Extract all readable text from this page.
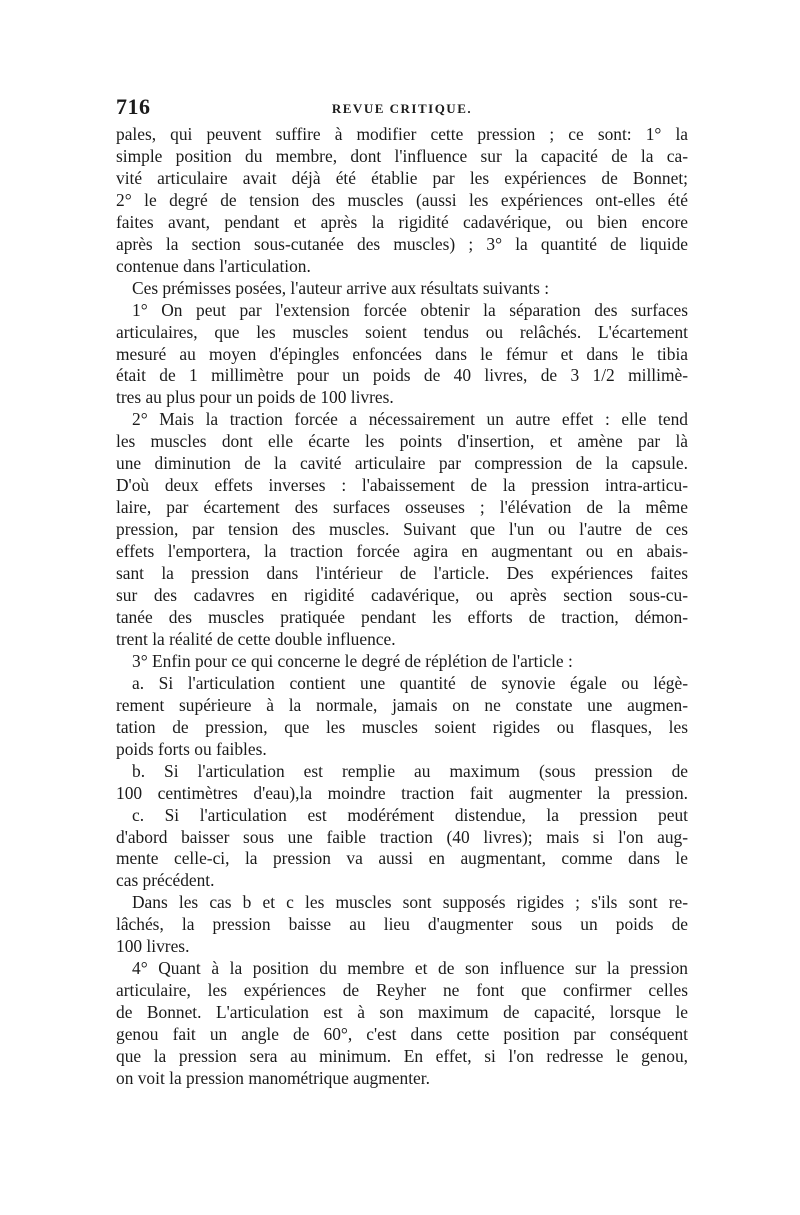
716	REVUE CRITIQUE.

pales, qui peuvent suffire à modifier cette pression ; ce sont: 1° la

simple position du membre, dont l'influence sur la capacité de la ca-

vité articulaire avait déjà été établie par les expériences de Bonnet;

2° le degré de tension des muscles (aussi les expériences ont-elles été

faites avant, pendant et après la rigidité cadavérique, ou bien encore

après la section sous-cutanée des muscles) ; 3° la quantité de liquide

contenue dans l'articulation.

Ces prémisses posées, l'auteur arrive aux résultats suivants :

1° On peut par l'extension forcée obtenir la séparation des surfaces

articulaires, que les muscles soient tendus ou relâchés. L'écartement

mesuré au moyen d'épingles enfoncées dans le fémur et dans le tibia

était de 1 millimètre pour un poids de 40 livres, de 3 1/2 millimè-

tres au plus pour un poids de 100 livres.

2° Mais la traction forcée a nécessairement un autre effet : elle tend

les muscles dont elle écarte les points d'insertion, et amène par là

une diminution de la cavité articulaire par compression de la capsule.

D'où deux effets inverses : l'abaissement de la pression intra-articu-

laire, par écartement des surfaces osseuses ; l'élévation de la même

pression, par tension des muscles. Suivant que l'un ou l'autre de ces

effets l'emportera, la traction forcée agira en augmentant ou en abais-

sant la pression dans l'intérieur de l'article. Des expériences faites

sur des cadavres en rigidité cadavérique, ou après section sous-cu-

tanée des muscles pratiquée pendant les efforts de traction, démon-

trent la réalité de cette double influence.

3° Enfin pour ce qui concerne le degré de réplétion de l'article :

a. Si l'articulation contient une quantité de synovie égale ou légè-

rement supérieure à la normale, jamais on ne constate une augmen-

tation de pression, que les muscles soient rigides ou flasques, les

poids forts ou faibles.

b. Si l'articulation est remplie au maximum (sous pression de

100 centimètres d'eau),la moindre traction fait augmenter la pression.

c. Si l'articulation est modérément distendue, la pression peut

d'abord baisser sous une faible traction (40 livres); mais si l'on aug-

mente celle-ci, la pression va aussi en augmentant, comme dans le

cas précédent.

Dans les cas b et c les muscles sont supposés rigides ; s'ils sont re-

lâchés, la pression baisse au lieu d'augmenter sous un poids de

100 livres.

4° Quant à la position du membre et de son influence sur la pression

articulaire, les expériences de Reyher ne font que confirmer celles

de Bonnet. L'articulation est à son maximum de capacité, lorsque le

genou fait un angle de 60°, c'est dans cette position par conséquent

que la pression sera au minimum. En effet, si l'on redresse le genou,

on voit la pression manométrique augmenter.
